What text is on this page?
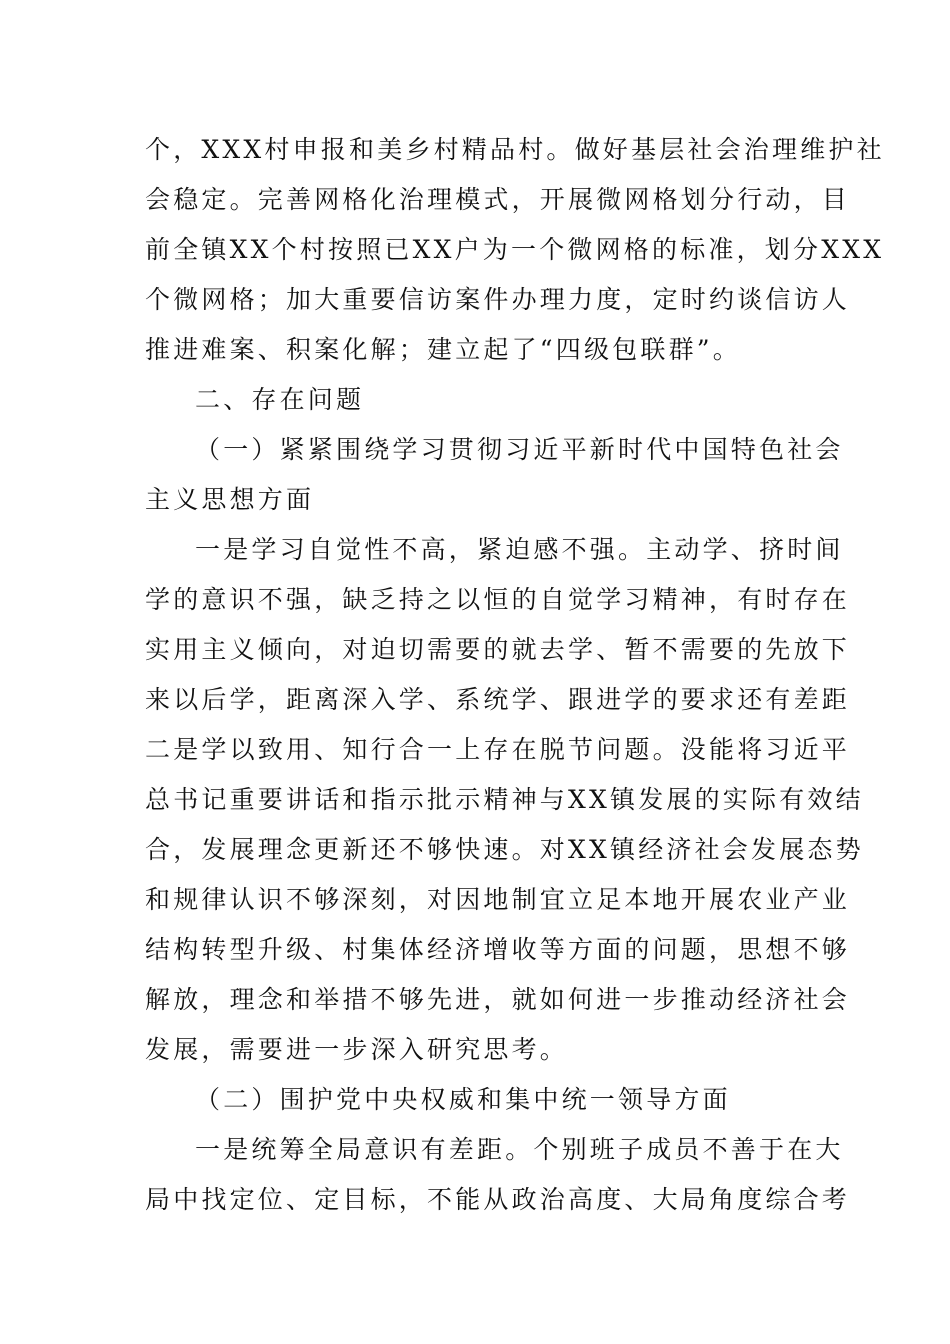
个，XXX村申报和美乡村精品村。做好基层社会治理维护社
会稳定。完善网格化治理模式，开展微网格划分行动，目
前全镇XX个村按照已XX户为一个微网格的标准，划分XXX
个微网格；加大重要信访案件办理力度，定时约谈信访人
推进难案、积案化解；建立起了“四级包联群”。
二、存在问题
（一）紧紧围绕学习贯彻习近平新时代中国特色社会
主义思想方面
一是学习自觉性不高，紧迫感不强。主动学、挤时间
学的意识不强，缺乏持之以恒的自觉学习精神，有时存在
实用主义倾向，对迫切需要的就去学、暂不需要的先放下
来以后学，距离深入学、系统学、跟进学的要求还有差距
二是学以致用、知行合一上存在脱节问题。没能将习近平
总书记重要讲话和指示批示精神与XX镇发展的实际有效结
合，发展理念更新还不够快速。对XX镇经济社会发展态势
和规律认识不够深刻，对因地制宜立足本地开展农业产业
结构转型升级、村集体经济增收等方面的问题，思想不够
解放，理念和举措不够先进，就如何进一步推动经济社会
发展，需要进一步深入研究思考。
（二）围护党中央权威和集中统一领导方面
一是统筹全局意识有差距。个别班子成员不善于在大
局中找定位、定目标，不能从政治高度、大局角度综合考
